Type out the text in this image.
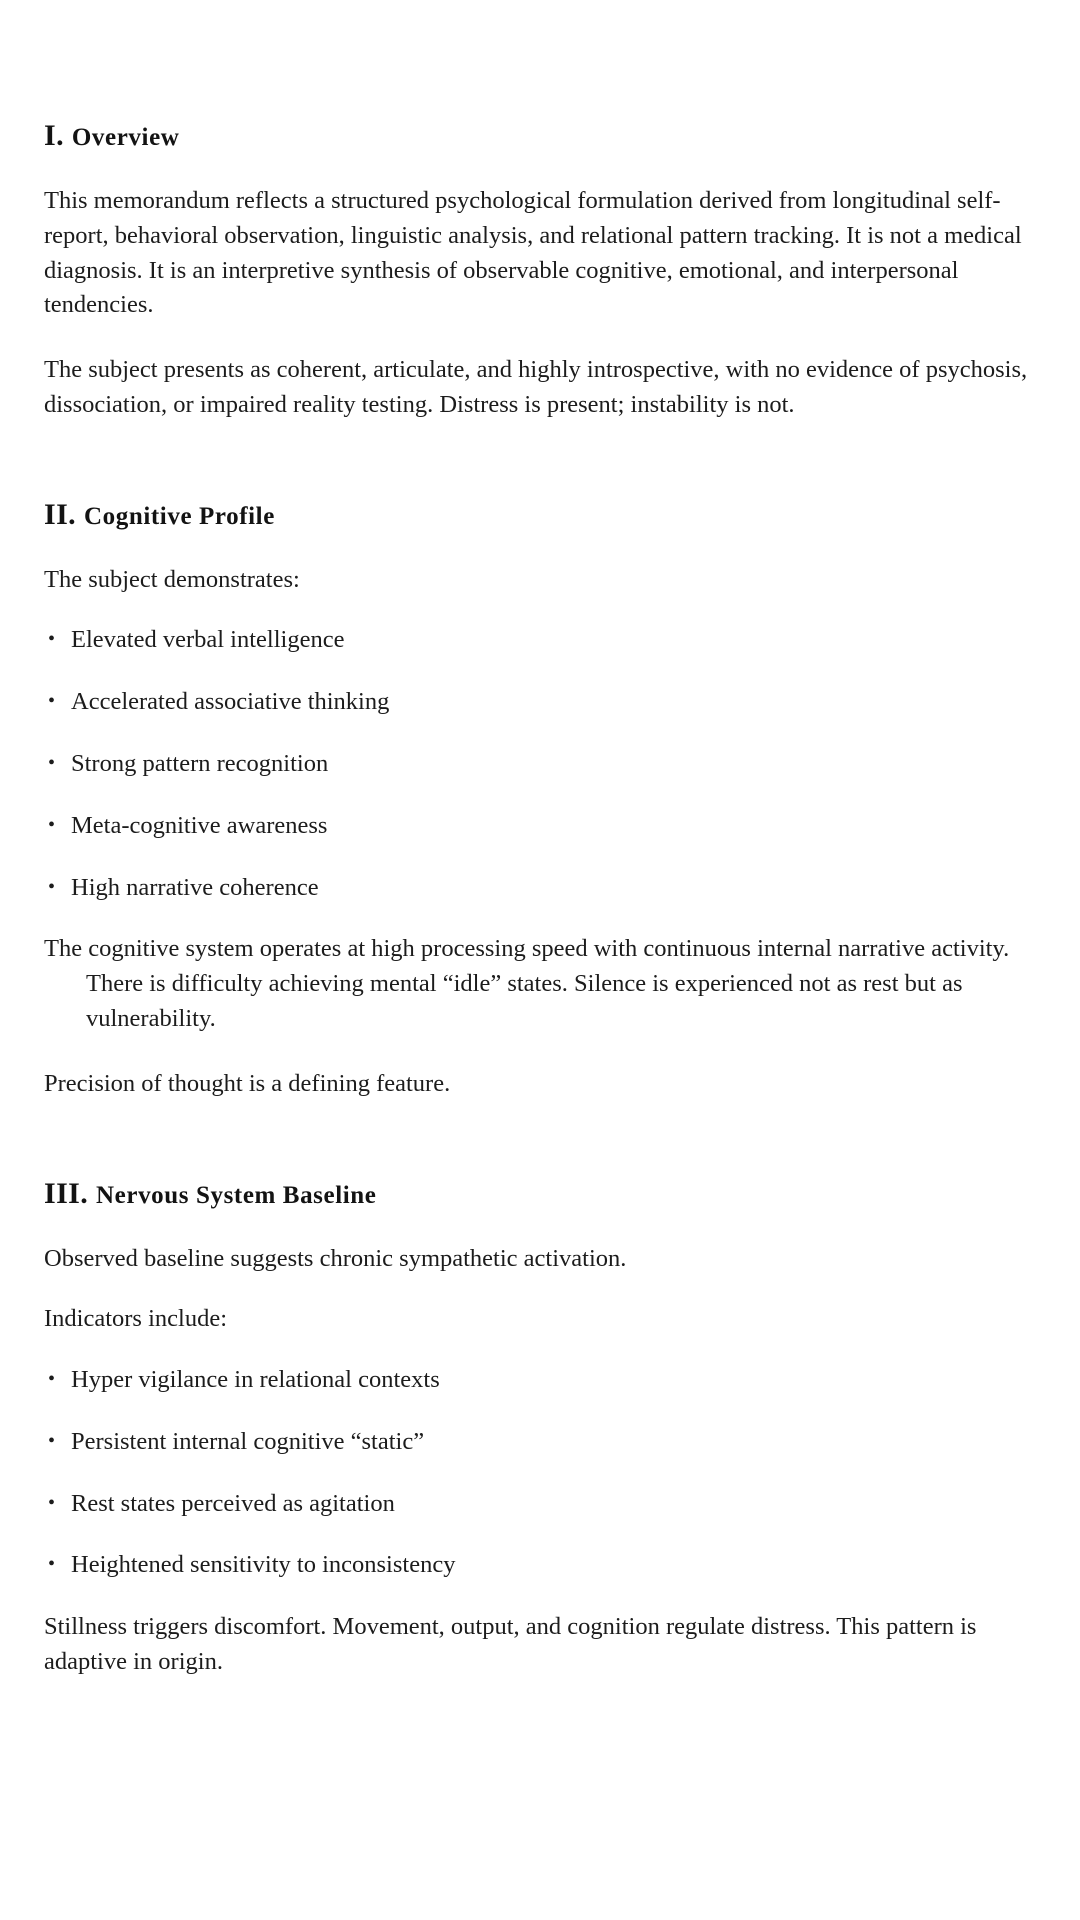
I. Overview

This memorandum reflects a structured psychological formulation derived from longitudinal self-report, behavioral observation, linguistic analysis, and relational pattern tracking. It is not a medical diagnosis. It is an interpretive synthesis of observable cognitive, emotional, and interpersonal tendencies.

The subject presents as coherent, articulate, and highly introspective, with no evidence of psychosis, dissociation, or impaired reality testing. Distress is present; instability is not.

II. Cognitive Profile

The subject demonstrates:

• Elevated verbal intelligence
• Accelerated associative thinking
• Strong pattern recognition
• Meta-cognitive awareness
• High narrative coherence

The cognitive system operates at high processing speed with continuous internal narrative activity. There is difficulty achieving mental “idle” states. Silence is experienced not as rest but as vulnerability.

Precision of thought is a defining feature.

III. Nervous System Baseline

Observed baseline suggests chronic sympathetic activation.

Indicators include:

• Hyper vigilance in relational contexts
• Persistent internal cognitive “static”
• Rest states perceived as agitation
• Heightened sensitivity to inconsistency

Stillness triggers discomfort. Movement, output, and cognition regulate distress. This pattern is adaptive in origin.
